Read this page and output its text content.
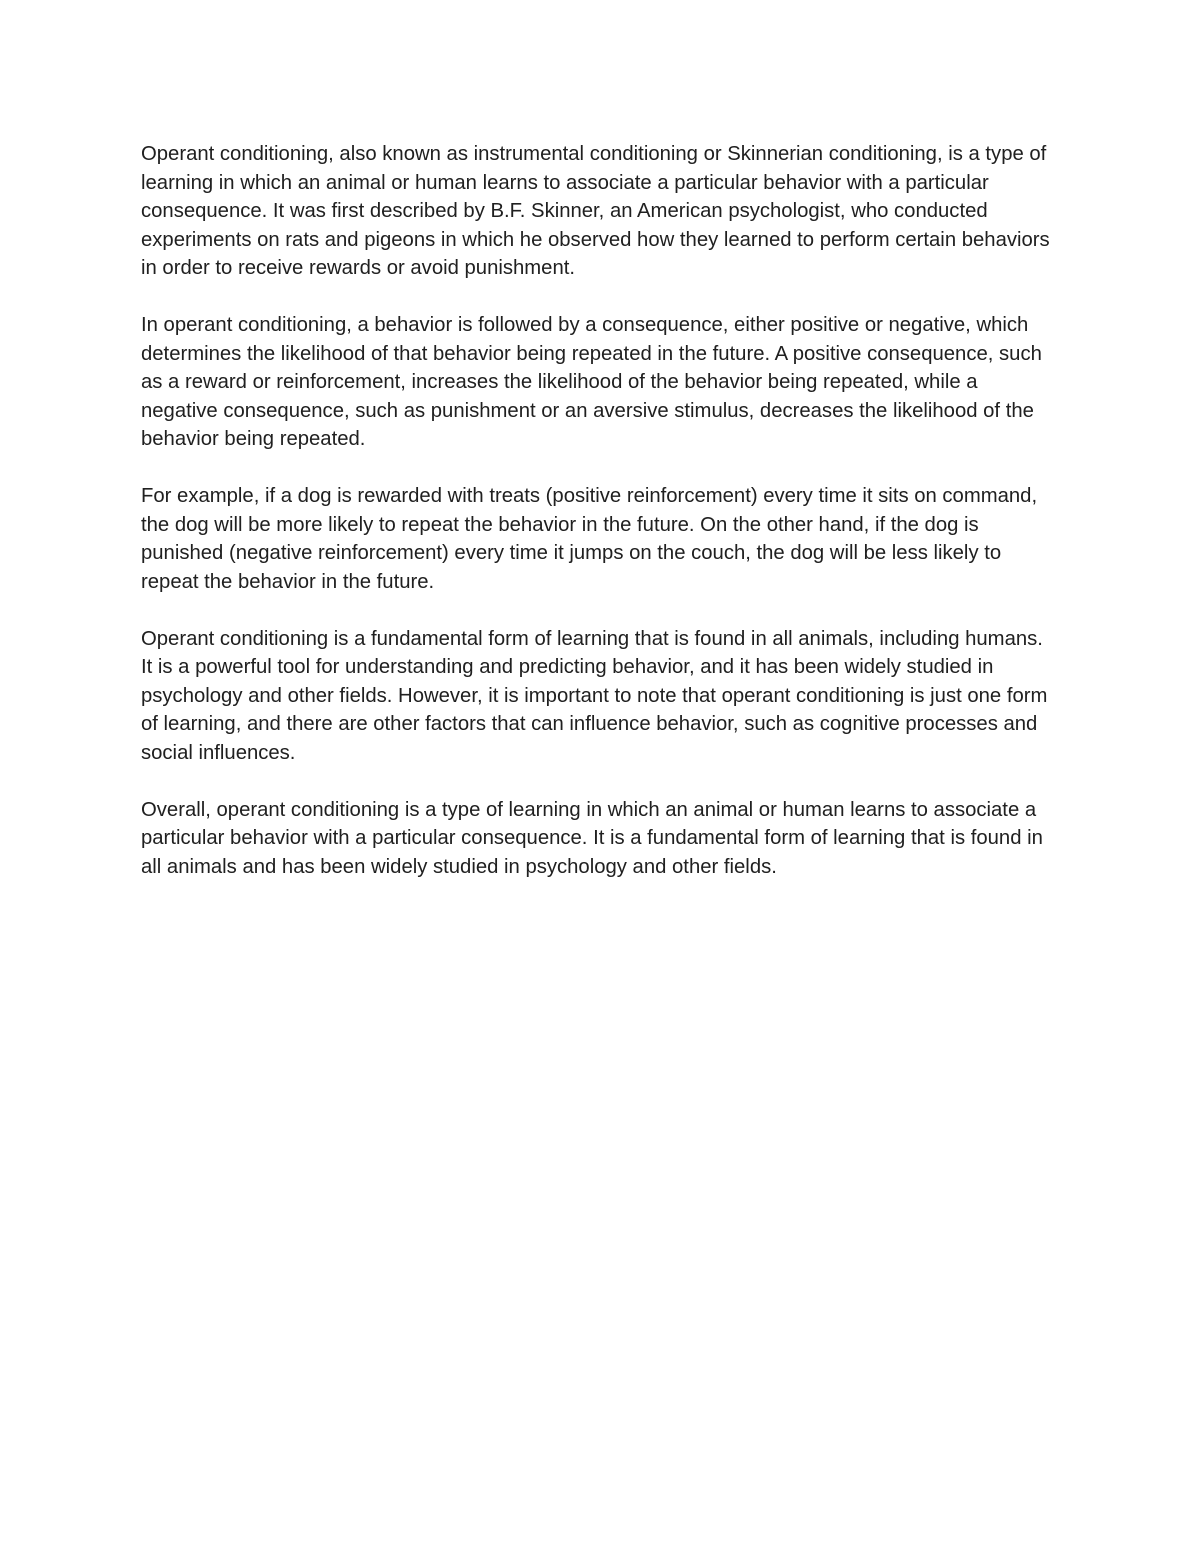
Operant conditioning, also known as instrumental conditioning or Skinnerian conditioning, is a type of learning in which an animal or human learns to associate a particular behavior with a particular consequence. It was first described by B.F. Skinner, an American psychologist, who conducted experiments on rats and pigeons in which he observed how they learned to perform certain behaviors in order to receive rewards or avoid punishment.

In operant conditioning, a behavior is followed by a consequence, either positive or negative, which determines the likelihood of that behavior being repeated in the future. A positive consequence, such as a reward or reinforcement, increases the likelihood of the behavior being repeated, while a negative consequence, such as punishment or an aversive stimulus, decreases the likelihood of the behavior being repeated.

For example, if a dog is rewarded with treats (positive reinforcement) every time it sits on command, the dog will be more likely to repeat the behavior in the future. On the other hand, if the dog is punished (negative reinforcement) every time it jumps on the couch, the dog will be less likely to repeat the behavior in the future.

Operant conditioning is a fundamental form of learning that is found in all animals, including humans. It is a powerful tool for understanding and predicting behavior, and it has been widely studied in psychology and other fields. However, it is important to note that operant conditioning is just one form of learning, and there are other factors that can influence behavior, such as cognitive processes and social influences.

Overall, operant conditioning is a type of learning in which an animal or human learns to associate a particular behavior with a particular consequence. It is a fundamental form of learning that is found in all animals and has been widely studied in psychology and other fields.
